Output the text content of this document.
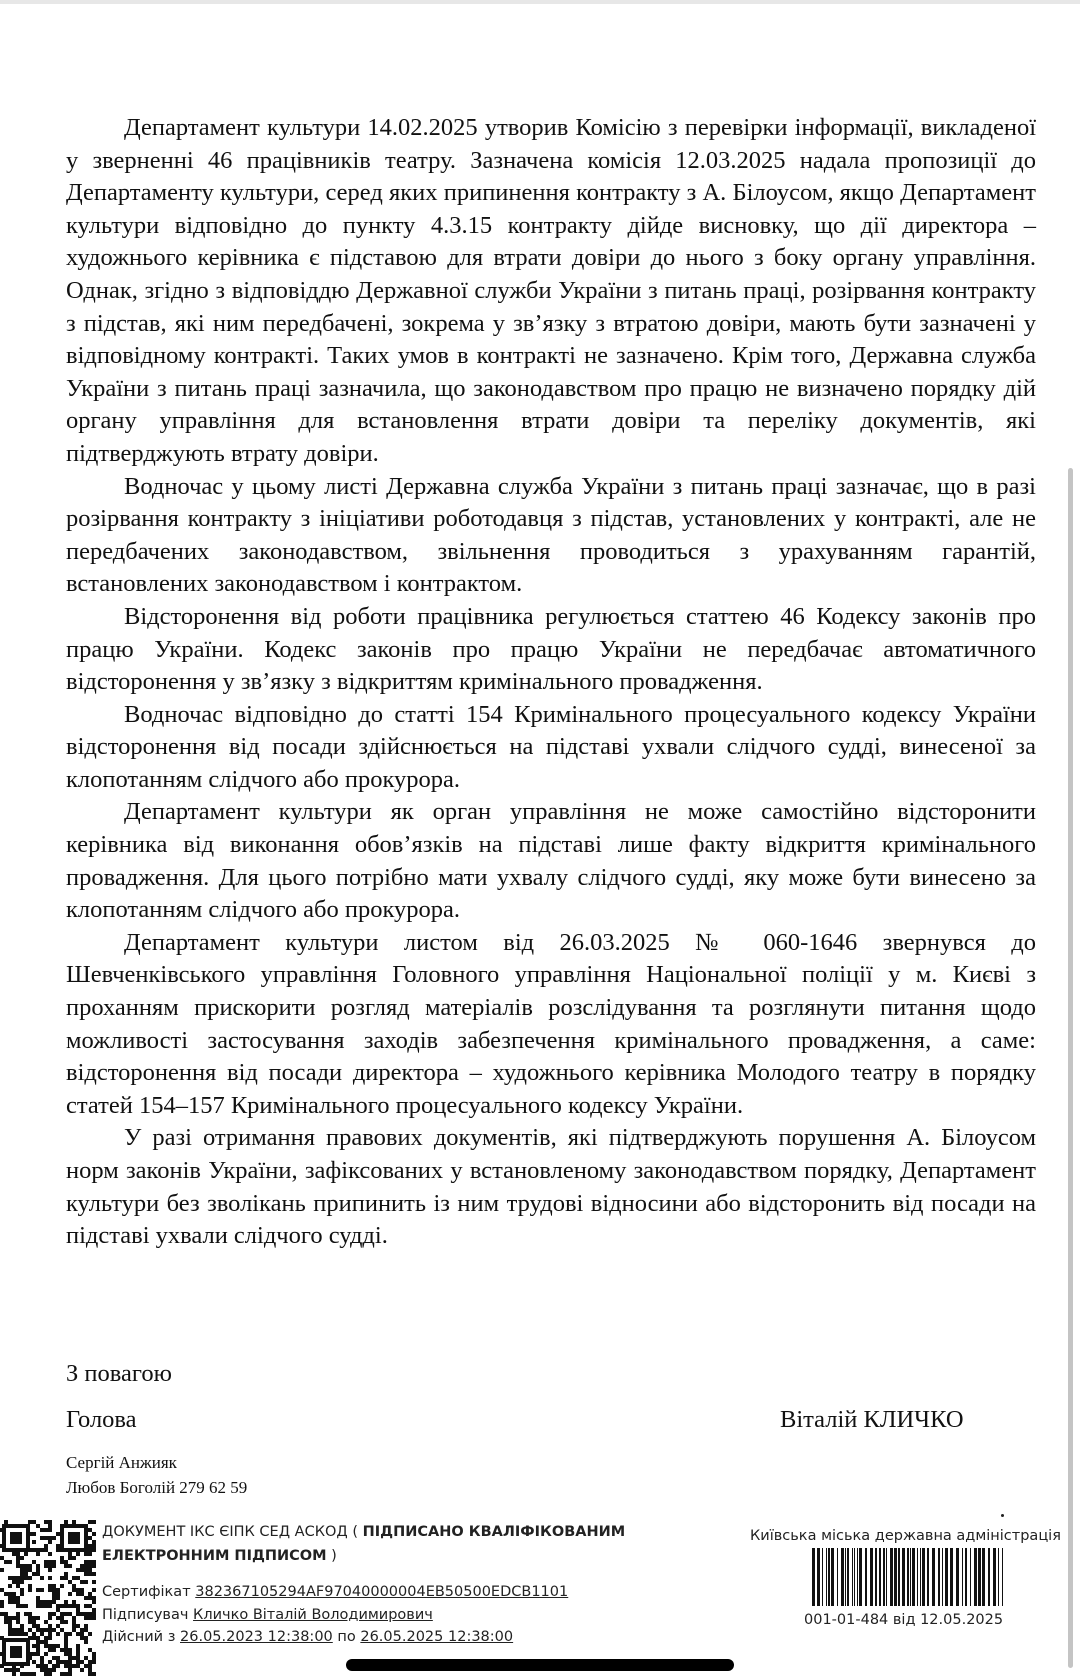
Департамент культури 14.02.2025 утворив Комісію з перевірки інформації, викладеної у зверненні 46 працівників театру. Зазначена комісія 12.03.2025 надала пропозиції до Департаменту культури, серед яких припинення контракту з А. Білоусом, якщо Департамент культури відповідно до пункту 4.3.15 контракту дійде висновку, що дії директора – художнього керівника є підставою для втрати довіри до нього з боку органу управління. Однак, згідно з відповіддю Державної служби України з питань праці, розірвання контракту з підстав, які ним передбачені, зокрема у зв’язку з втратою довіри, мають бути зазначені у відповідному контракті. Таких умов в контракті не зазначено. Крім того, Державна служба України з питань праці зазначила, що законодавством про працю не визначено порядку дій органу управління для встановлення втрати довіри та переліку документів, які підтверджують втрату довіри.

Водночас у цьому листі Державна служба України з питань праці зазначає, що в разі розірвання контракту з ініціативи роботодавця з підстав, установлених у контракті, але не передбачених законодавством, звільнення проводиться з урахуванням гарантій, встановлених законодавством і контрактом.

Відсторонення від роботи працівника регулюється статтею 46 Кодексу законів про працю України. Кодекс законів про працю України не передбачає автоматичного відсторонення у зв’язку з відкриттям кримінального провадження.

Водночас відповідно до статті 154 Кримінального процесуального кодексу України відсторонення від посади здійснюється на підставі ухвали слідчого судді, винесеної за клопотанням слідчого або прокурора.

Департамент культури як орган управління не може самостійно відсторонити керівника від виконання обов’язків на підставі лише факту відкриття кримінального провадження. Для цього потрібно мати ухвалу слідчого судді, яку може бути винесено за клопотанням слідчого або прокурора.

Департамент культури листом від 26.03.2025 № 060-1646 звернувся до Шевченківського управління Головного управління Національної поліції у м. Києві з проханням прискорити розгляд матеріалів розслідування та розглянути питання щодо можливості застосування заходів забезпечення кримінального провадження, а саме: відсторонення від посади директора – художнього керівника Молодого театру в порядку статей 154–157 Кримінального процесуального кодексу України.

У разі отримання правових документів, які підтверджують порушення А. Білоусом норм законів України, зафіксованих у встановленому законодавством порядку, Департамент культури без зволікань припинить із ним трудові відносини або відсторонить від посади на підставі ухвали слідчого судді.

З повагою
Голова	Віталій КЛИЧКО
Сергій Анжияк
Любов Боголій 279 62 59
ДОКУМЕНТ ІКС ЄІПК СЕД АСКОД ( ПІДПИСАНО КВАЛІФІКОВАНИМ
ЕЛЕКТРОННИМ ПІДПИСОМ )
Сертифікат 382367105294AF97040000004EB50500EDCB1101
Підписувач Кличко Віталій Володимирович
Дійсний з 26.05.2023 12:38:00 по 26.05.2025 12:38:00
Київська міська державна адміністрація
001-01-484 від 12.05.2025
